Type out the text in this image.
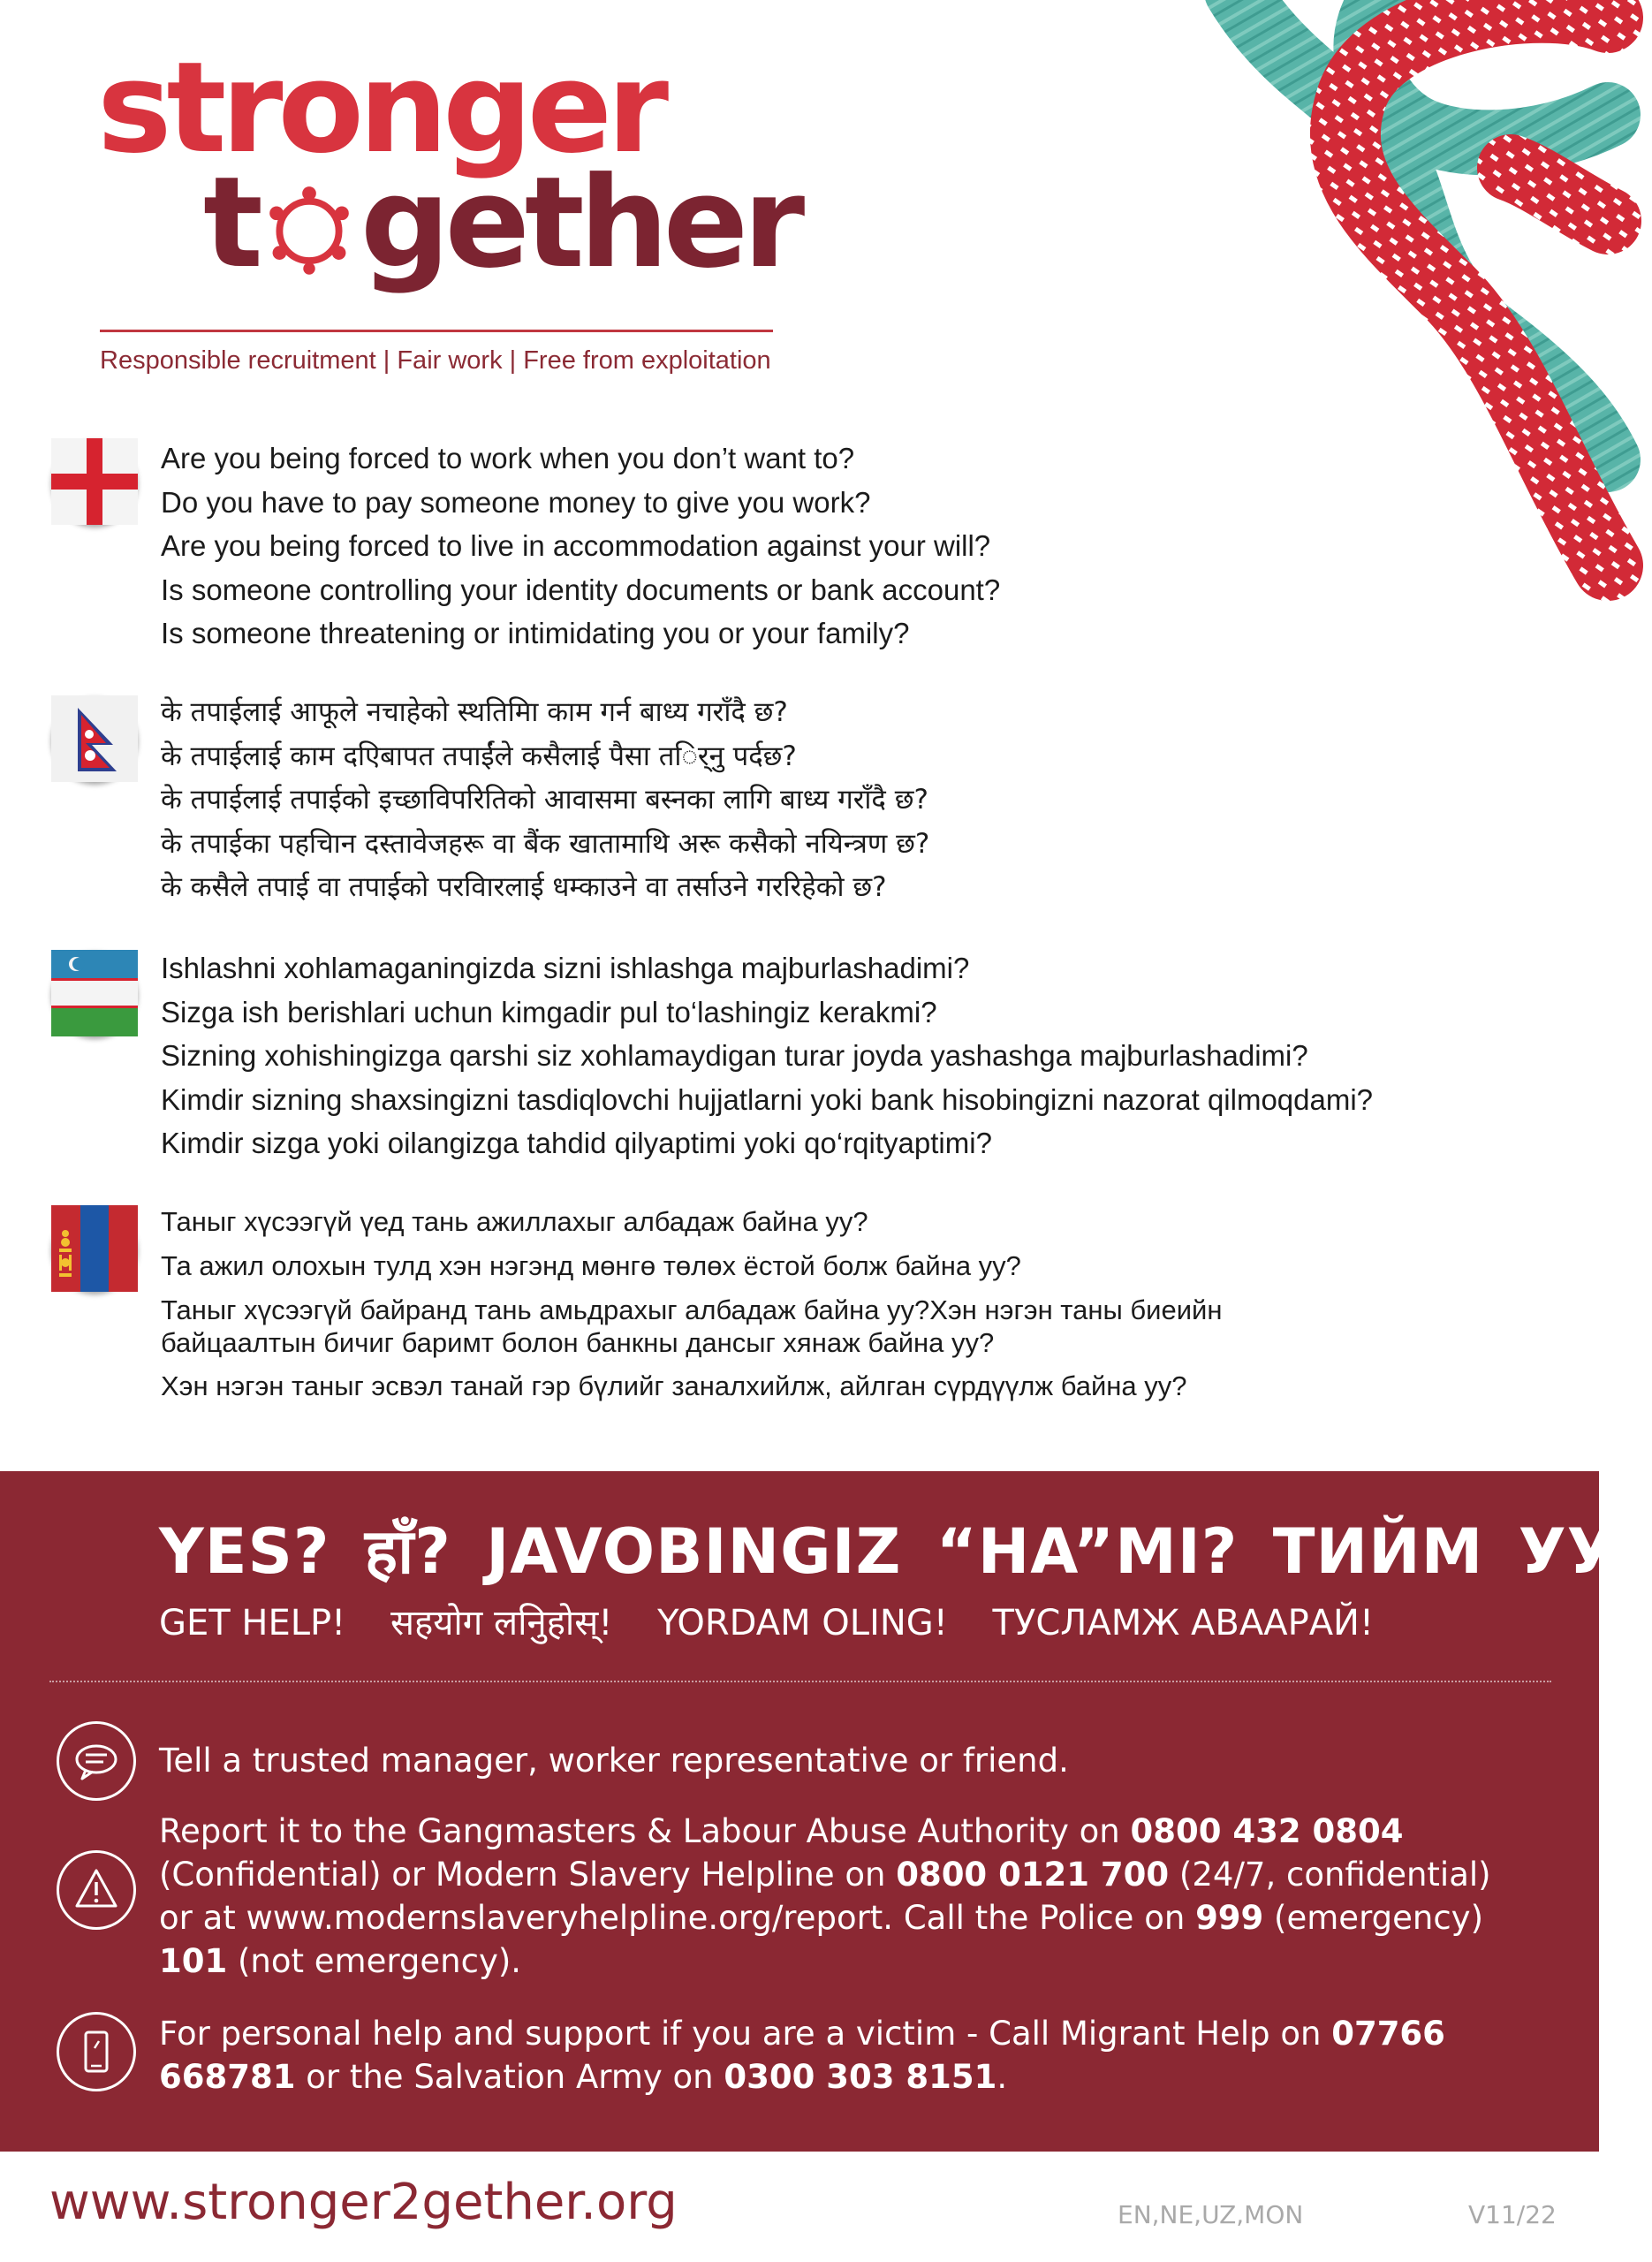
stronger
t gether
Responsible recruitment | Fair work | Free from exploitation
Are you being forced to work when you don’t want to?
Do you have to pay someone money to give you work?
Are you being forced to live in accommodation against your will?
Is someone controlling your identity documents or bank account?
Is someone threatening or intimidating you or your family?
के तपाईलाई आफूले नचाहेको स्थतिमिा काम गर्न बाध्य गराँदै छ?
के तपाईलाई काम दएिबापत तपाईंले कसैलाई पैसा तर्िनु पर्दछ?
के तपाईलाई तपाईको इच्छाविपरितिको आवासमा बस्नका लागि बाध्य गराँदै छ?
के तपाईका पहचिान दस्तावेजहरू वा बैंक खातामाथि अरू कसैको नयिन्त्रण छ?
के कसैले तपाई वा तपाईको परविारलाई धम्काउने वा तर्साउने गररिहेको छ?
Ishlashni xohlamaganingizda sizni ishlashga majburlashadimi?
Sizga ish berishlari uchun kimgadir pul to‘lashingiz kerakmi?
Sizning xohishingizga qarshi siz xohlamaydigan turar joyda yashashga majburlashadimi?
Kimdir sizning shaxsingizni tasdiqlovchi hujjatlarni yoki bank hisobingizni nazorat qilmoqdami?
Kimdir sizga yoki oilangizga tahdid qilyaptimi yoki qo‘rqityaptimi?
Таныг хүсээгүй үед тань ажиллахыг албадаж байна уу?
Та ажил олохын тулд хэн нэгэнд мөнгө төлөх ёстой болж байна уу?
Таныг хүсээгүй байранд тань амьдрахыг албадаж байна уу?Хэн нэгэн таны биеийн
байцаалтын бичиг баримт болон банкны дансыг хянаж байна уу?
Хэн нэгэн таныг эсвэл танай гэр бүлийг заналхийлж, айлган сүрдүүлж байна уу?
YES? हाँ? JAVOBINGIZ “HA”MI? ТИЙМ УУ?
GET HELP! सहयोग लनिुहोस्! YORDAM OLING! ТУСЛАМЖ АВААРАЙ!
Tell a trusted manager, worker representative or friend.
Report it to the Gangmasters & Labour Abuse Authority on 0800 432 0804 (Confidential) or Modern Slavery Helpline on 0800 0121 700 (24/7, confidential) or at www.modernslaveryhelpline.org/report. Call the Police on 999 (emergency) 101 (not emergency).
For personal help and support if you are a victim - Call Migrant Help on 07766 668781 or the Salvation Army on 0300 303 8151.
www.stronger2gether.org	EN,NE,UZ,MON	V11/22
